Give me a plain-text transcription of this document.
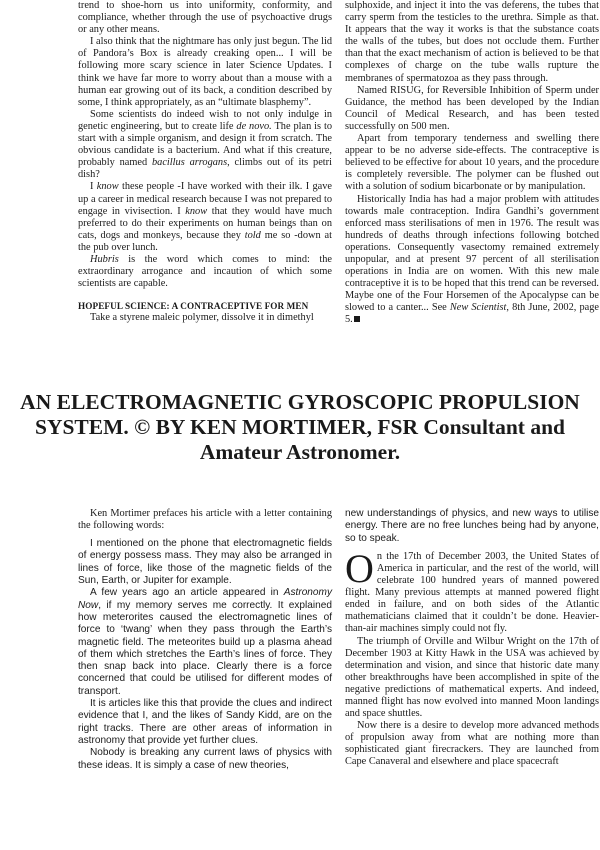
trend to shoe-horn us into uniformity, conformity, and compliance, whether through the use of psychoactive drugs or any other means.

I also think that the nightmare has only just begun. The lid of Pandora’s Box is already creaking open... I will be following more scary science in later Science Updates. I think we have far more to worry about than a mouse with a human ear growing out of its back, a condition described by some, I think appropriately, as an “ultimate blasphemy”.

Some scientists do indeed wish to not only indulge in genetic engineering, but to create life de novo. The plan is to start with a simple organism, and design it from scratch. The obvious candidate is a bacterium. And what if this creature, probably named bacillus arrogans, climbs out of its petri dish?

I know these people -I have worked with their ilk. I gave up a career in medical research because I was not prepared to engage in vivisection. I know that they would have much preferred to do their experiments on human beings than on cats, dogs and monkeys, because they told me so -down at the pub over lunch.

Hubris is the word which comes to mind: the extraordinary arrogance and incaution of which some scientists are capable.

HOPEFUL SCIENCE: A CONTRACEPTIVE FOR MEN

Take a styrene maleic polymer, dissolve it in dimethyl

sulphoxide, and inject it into the vas deferens, the tubes that carry sperm from the testicles to the urethra. Simple as that. It appears that the way it works is that the substance coats the walls of the tubes, but does not occlude them. Further than that the exact mechanism of action is believed to be that complexes of charge on the tube walls rupture the membranes of spermatozoa as they pass through.

Named RISUG, for Reversible Inhibition of Sperm under Guidance, the method has been developed by the Indian Council of Medical Research, and has been tested successfully on 500 men.

Apart from temporary tenderness and swelling there appear to be no adverse side-effects. The contraceptive is believed to be effective for about 10 years, and the procedure is completely reversible. The polymer can be flushed out with a solution of sodium bicarbonate or by manipulation.

Historically India has had a major problem with attitudes towards male contraception. Indira Gandhi’s government enforced mass sterilisations of men in 1976. The result was hundreds of deaths through infections following botched operations. Consequently vasectomy remained extremely unpopular, and at present 97 percent of all sterilisation operations in India are on women. With this new male contraceptive it is to be hoped that this trend can be reversed. Maybe one of the Four Horsemen of the Apocalypse can be slowed to a canter... See New Scientist, 8th June, 2002, page 5.

AN ELECTROMAGNETIC GYROSCOPIC PROPULSION
SYSTEM. © BY KEN MORTIMER, FSR Consultant and
Amateur Astronomer.

Ken Mortimer prefaces his article with a letter containing the following words:

I mentioned on the phone that electromagnetic fields of energy possess mass. They may also be arranged in lines of force, like those of the magnetic fields of the Sun, Earth, or Jupiter for example.

A few years ago an article appeared in Astronomy Now, if my memory serves me correctly. It explained how meterorites caused the electromagnetic lines of force to ‘twang’ when they pass through the Earth’s magnetic field. The meteorites build up a plasma ahead of them which stretches the Earth’s lines of force. They then snap back into place. Clearly there is a force concerned that could be utilised for different modes of transport.

It is articles like this that provide the clues and indirect evidence that I, and the likes of Sandy Kidd, are on the right tracks. There are other areas of information in astronomy that provide yet further clues.

Nobody is breaking any current laws of physics with these ideas. It is simply a case of new theories,

new understandings of physics, and new ways to utilise energy. There are no free lunches being had by anyone, so to speak.

On the 17th of December 2003, the United States of America in particular, and the rest of the world, will celebrate 100 hundred years of manned powered flight. Many previous attempts at manned powered flight ended in failure, and on both sides of the Atlantic mathematicians claimed that it couldn’t be done. Heavier-than-air machines simply could not fly.

The triumph of Orville and Wilbur Wright on the 17th of December 1903 at Kitty Hawk in the USA was achieved by determination and vision, and since that historic date many other breakthroughs have been accomplished in spite of the negative predictions of mathematical experts. And indeed, manned flight has now evolved into manned Moon landings and space shuttles.

Now there is a desire to develop more advanced methods of propulsion away from what are nothing more than sophisticated giant firecrackers. They are launched from Cape Canaveral and elsewhere and place spacecraft
